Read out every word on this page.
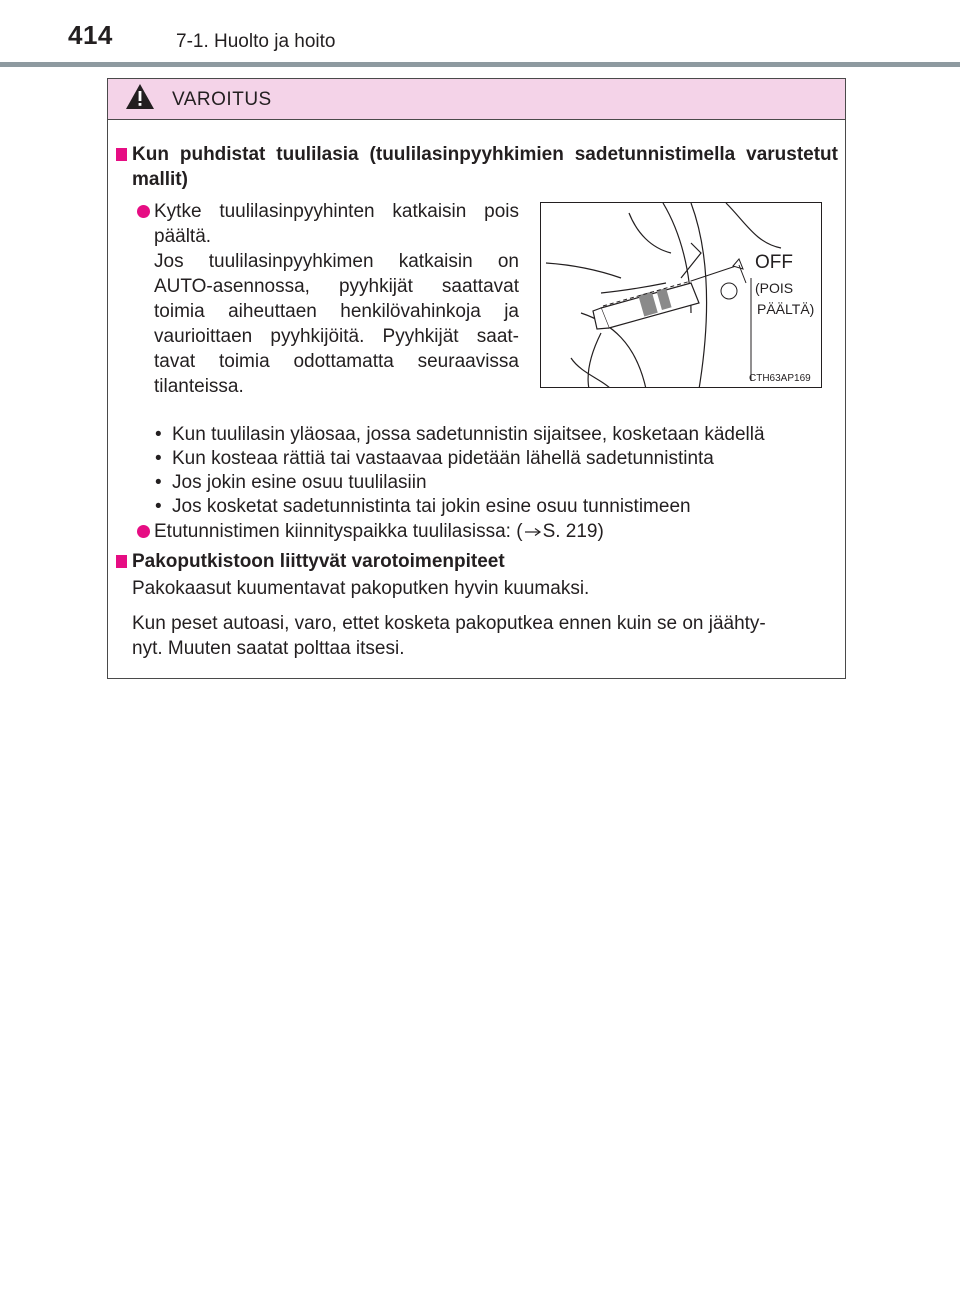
414	7-1. Huolto ja hoito
VAROITUS
Kun puhdistat tuulilasia (tuulilasinpyyhkimien sadetunnistimella varustetut mallit)
Kytke tuulilasinpyyhinten katkaisin pois
päältä.
Jos tuulilasinpyyhkimen katkaisin on
AUTO-asennossa, pyyhkijät saattavat
toimia aiheuttaen henkilövahinkoja ja
vaurioittaen pyyhkijöitä. Pyyhkijät saat-
tavat toimia odottamatta seuraavissa
tilanteissa.
OFF
(POIS
PÄÄLTÄ)
CTH63AP169
• Kun tuulilasin yläosaa, jossa sadetunnistin sijaitsee, kosketaan kädellä
• Kun kosteaa rättiä tai vastaavaa pidetään lähellä sadetunnistinta
• Jos jokin esine osuu tuulilasiin
• Jos kosketat sadetunnistinta tai jokin esine osuu tunnistimeen
Etutunnistimen kiinnityspaikka tuulilasissa: ( S. 219)
Pakoputkistoon liittyvät varotoimenpiteet
Pakokaasut kuumentavat pakoputken hyvin kuumaksi.
Kun peset autoasi, varo, ettet kosketa pakoputkea ennen kuin se on jäähty-
nyt. Muuten saatat polttaa itsesi.
